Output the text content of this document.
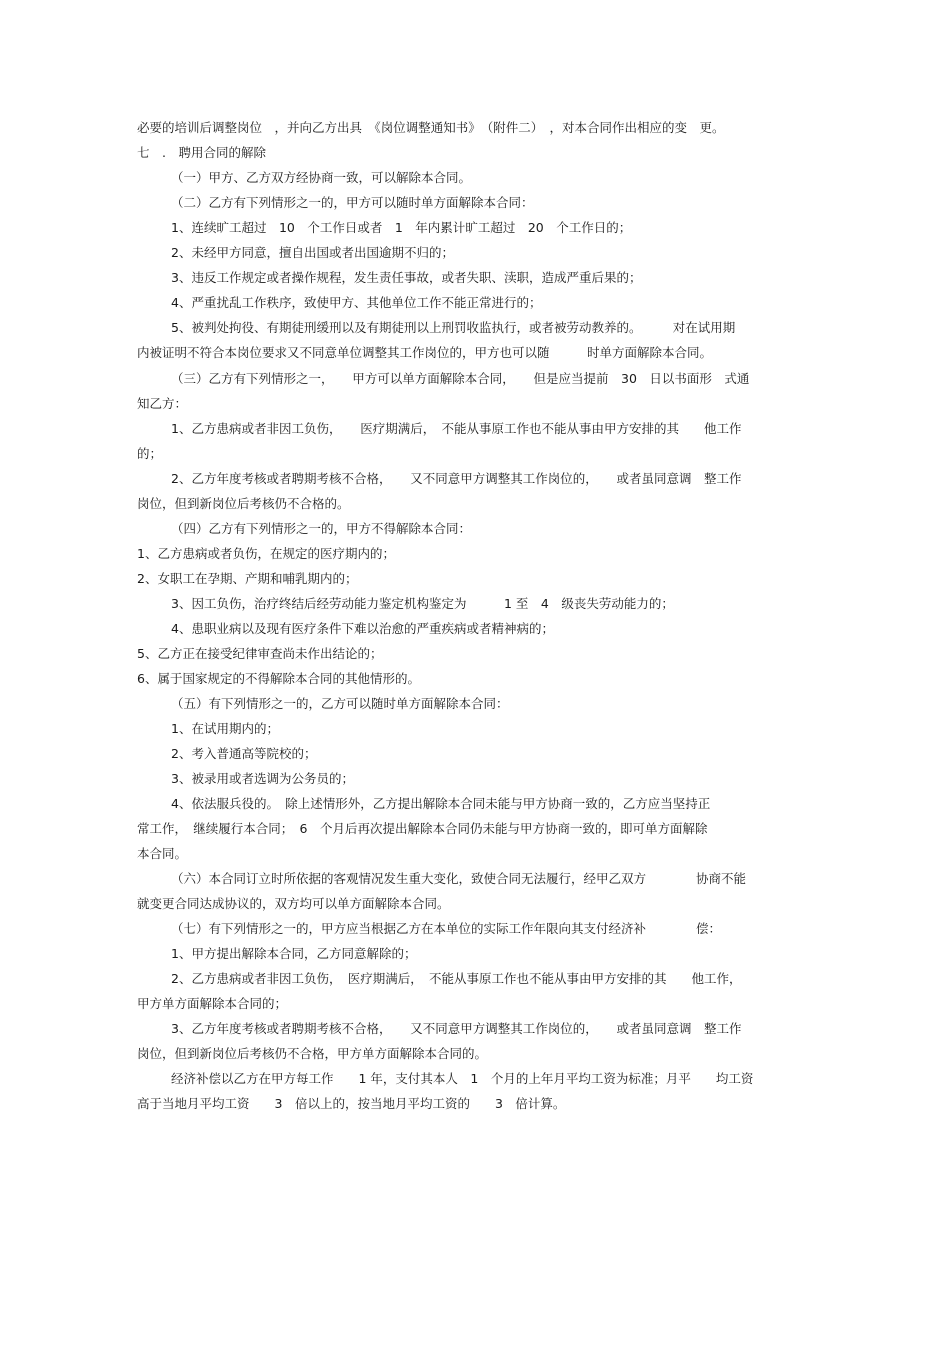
必要的培训后调整岗位　，并向乙方出具　《岗位调整通知书》　（附件二）　，对本合同作出相应的变　更。
七　.　聘用合同的解除
（一）甲方、乙方双方经协商一致，可以解除本合同。
（二）乙方有下列情形之一的，甲方可以随时单方面解除本合同：
1、连续旷工超过　10　个工作日或者　1　年内累计旷工超过　20　个工作日的；
2、未经甲方同意，擅自出国或者出国逾期不归的；
3、违反工作规定或者操作规程，发生责任事故，或者失职、渎职，造成严重后果的；
4、严重扰乱工作秩序，致使甲方、其他单位工作不能正常进行的；
5、被判处拘役、有期徒刑缓刑以及有期徒刑以上刑罚收监执行，或者被劳动教养的。　　　对在试用期
内被证明不符合本岗位要求又不同意单位调整其工作岗位的，甲方也可以随　　　时单方面解除本合同。
（三）乙方有下列情形之一，　　甲方可以单方面解除本合同，　　但是应当提前　30　日以书面形　式通
知乙方：
1、乙方患病或者非因工负伤，　　医疗期满后，　不能从事原工作也不能从事由甲方安排的其　　他工作
的；
2、乙方年度考核或者聘期考核不合格，　　又不同意甲方调整其工作岗位的，　　或者虽同意调　整工作
岗位，但到新岗位后考核仍不合格的。
（四）乙方有下列情形之一的，甲方不得解除本合同：
1、乙方患病或者负伤，在规定的医疗期内的；
2、女职工在孕期、产期和哺乳期内的；
3、因工负伤，治疗终结后经劳动能力鉴定机构鉴定为　　　1 至　4　级丧失劳动能力的；
4、患职业病以及现有医疗条件下难以治愈的严重疾病或者精神病的；
5、乙方正在接受纪律审查尚未作出结论的；
6、属于国家规定的不得解除本合同的其他情形的。
（五）有下列情形之一的，乙方可以随时单方面解除本合同：
1、在试用期内的；
2、考入普通高等院校的；
3、被录用或者选调为公务员的；
4、依法服兵役的。　除上述情形外，乙方提出解除本合同未能与甲方协商一致的，乙方应当坚持正
常工作，　继续履行本合同；　6　个月后再次提出解除本合同仍未能与甲方协商一致的，即可单方面解除
本合同。
（六）本合同订立时所依据的客观情况发生重大变化，致使合同无法履行，经甲乙双方　　　　协商不能
就变更合同达成协议的，双方均可以单方面解除本合同。
（七）有下列情形之一的，甲方应当根据乙方在本单位的实际工作年限向其支付经济补　　　　偿：
1、甲方提出解除本合同，乙方同意解除的；
2、乙方患病或者非因工负伤，　医疗期满后，　不能从事原工作也不能从事由甲方安排的其　　他工作，
甲方单方面解除本合同的；
3、乙方年度考核或者聘期考核不合格，　　又不同意甲方调整其工作岗位的，　　或者虽同意调　整工作
岗位，但到新岗位后考核仍不合格，甲方单方面解除本合同的。
经济补偿以乙方在甲方每工作　　1 年，支付其本人　1　个月的上年月平均工资为标准；月平　　均工资
高于当地月平均工资　　3　倍以上的，按当地月平均工资的　　3　倍计算。
